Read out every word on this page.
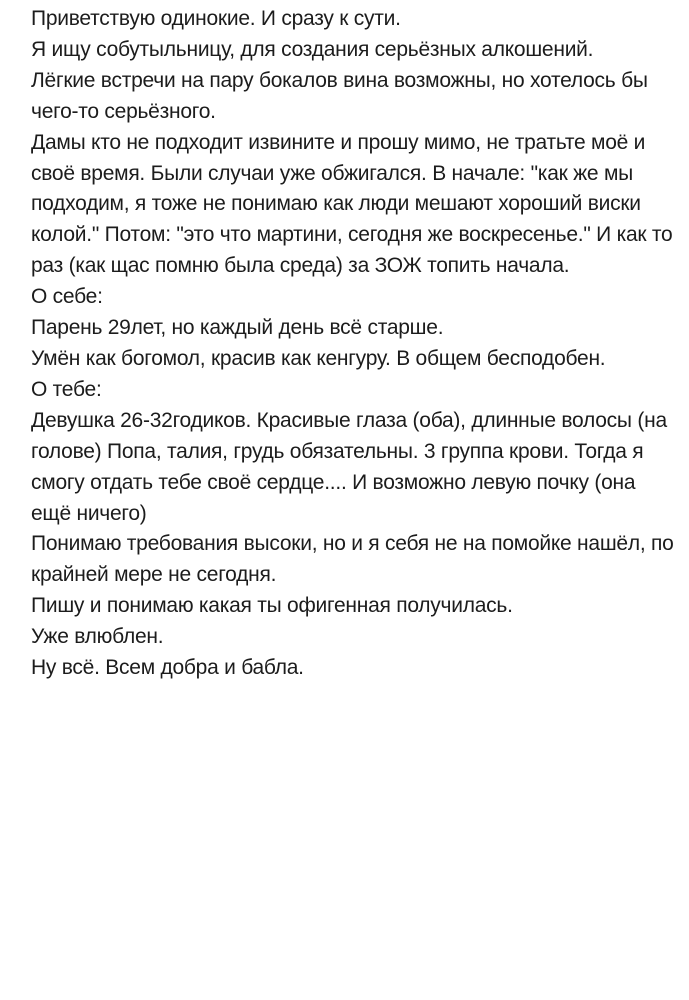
Приветствую одинокие. И сразу к сути.

Я ищу собутыльницу, для создания серьёзных алкошений.

Лёгкие встречи на пару бокалов вина возможны, но хотелось бы чего-то серьёзного.

Дамы кто не подходит извините и прошу мимо, не тратьте моё и своё время. Были случаи уже обжигался. В начале: "как же мы подходим, я тоже не понимаю как люди мешают хороший виски колой." Потом: "это что мартини, сегодня же воскресенье." И как то раз (как щас помню была среда) за ЗОЖ топить начала.

О себе:

Парень 29лет, но каждый день всё старше.

Умён как богомол, красив как кенгуру. В общем бесподобен.

О тебе:

Девушка 26-32годиков. Красивые глаза (оба), длинные волосы (на голове) Попа, талия, грудь обязательны. 3 группа крови. Тогда я смогу отдать тебе своё сердце.... И возможно левую почку (она ещё ничего)

Понимаю требования высоки, но и я себя не на помойке нашёл, по крайней мере не сегодня.

Пишу и понимаю какая ты офигенная получилась.

Уже влюблен.

Ну всё. Всем добра и бабла.
